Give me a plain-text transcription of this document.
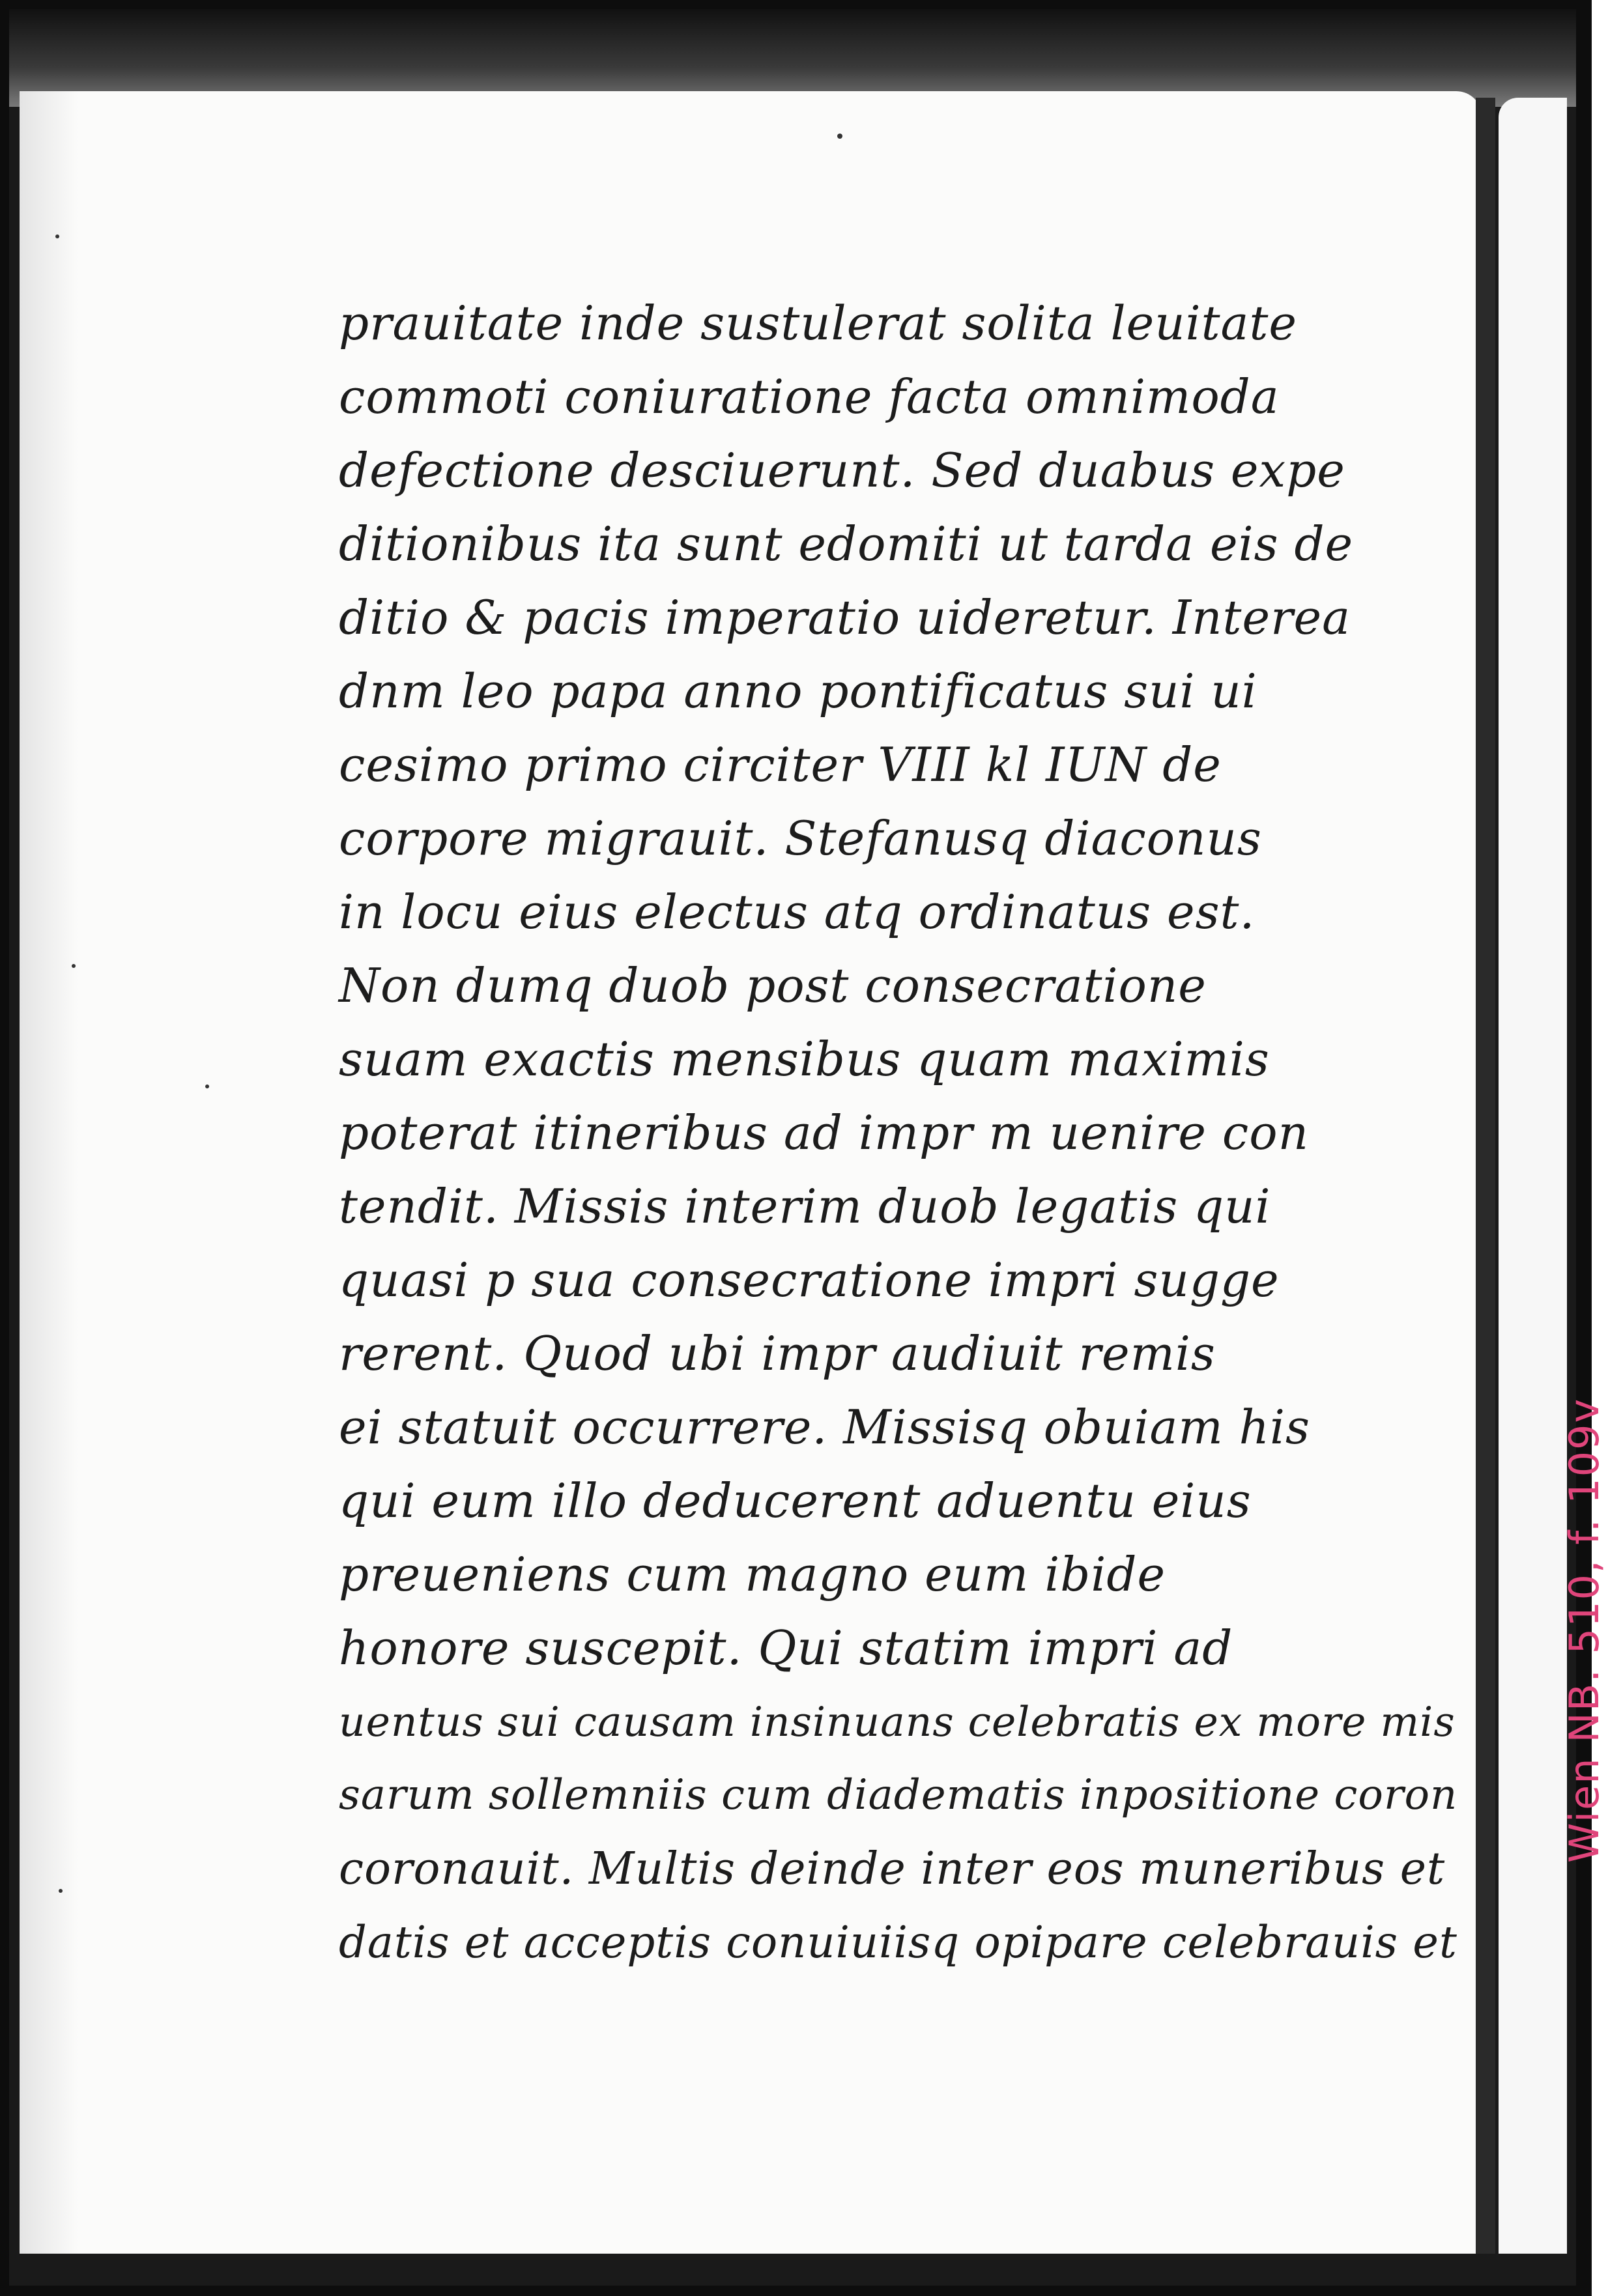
prauitate inde sustulerat solita leuitate
commoti coniuratione facta omnimoda
defectione desciuerunt. Sed duabus expe
ditionibus ita sunt edomiti ut tarda eis de
ditio & pacis imperatio uideretur. Interea
dnm leo papa anno pontificatus sui ui
cesimo primo circiter VIII kl IUN de
corpore migrauit. Stefanusq diaconus
in locu eius electus atq ordinatus est.
Non dumq duob post consecratione
suam exactis mensibus quam maximis
poterat itineribus ad impr m uenire con
tendit. Missis interim duob legatis qui
quasi p sua consecratione impri sugge
rerent. Quod ubi impr audiuit remis
ei statuit occurrere. Missisq obuiam his
qui eum illo deducerent aduentu eius
preueniens cum magno eum ibide
honore suscepit. Qui statim impri ad
uentus sui causam insinuans celebratis ex more mis
sarum sollemniis cum diadematis inpositione coron
coronauit. Multis deinde inter eos muneribus et
datis et acceptis conuiuiisq opipare celebrauis et
Wien NB. 510, f. 109v
